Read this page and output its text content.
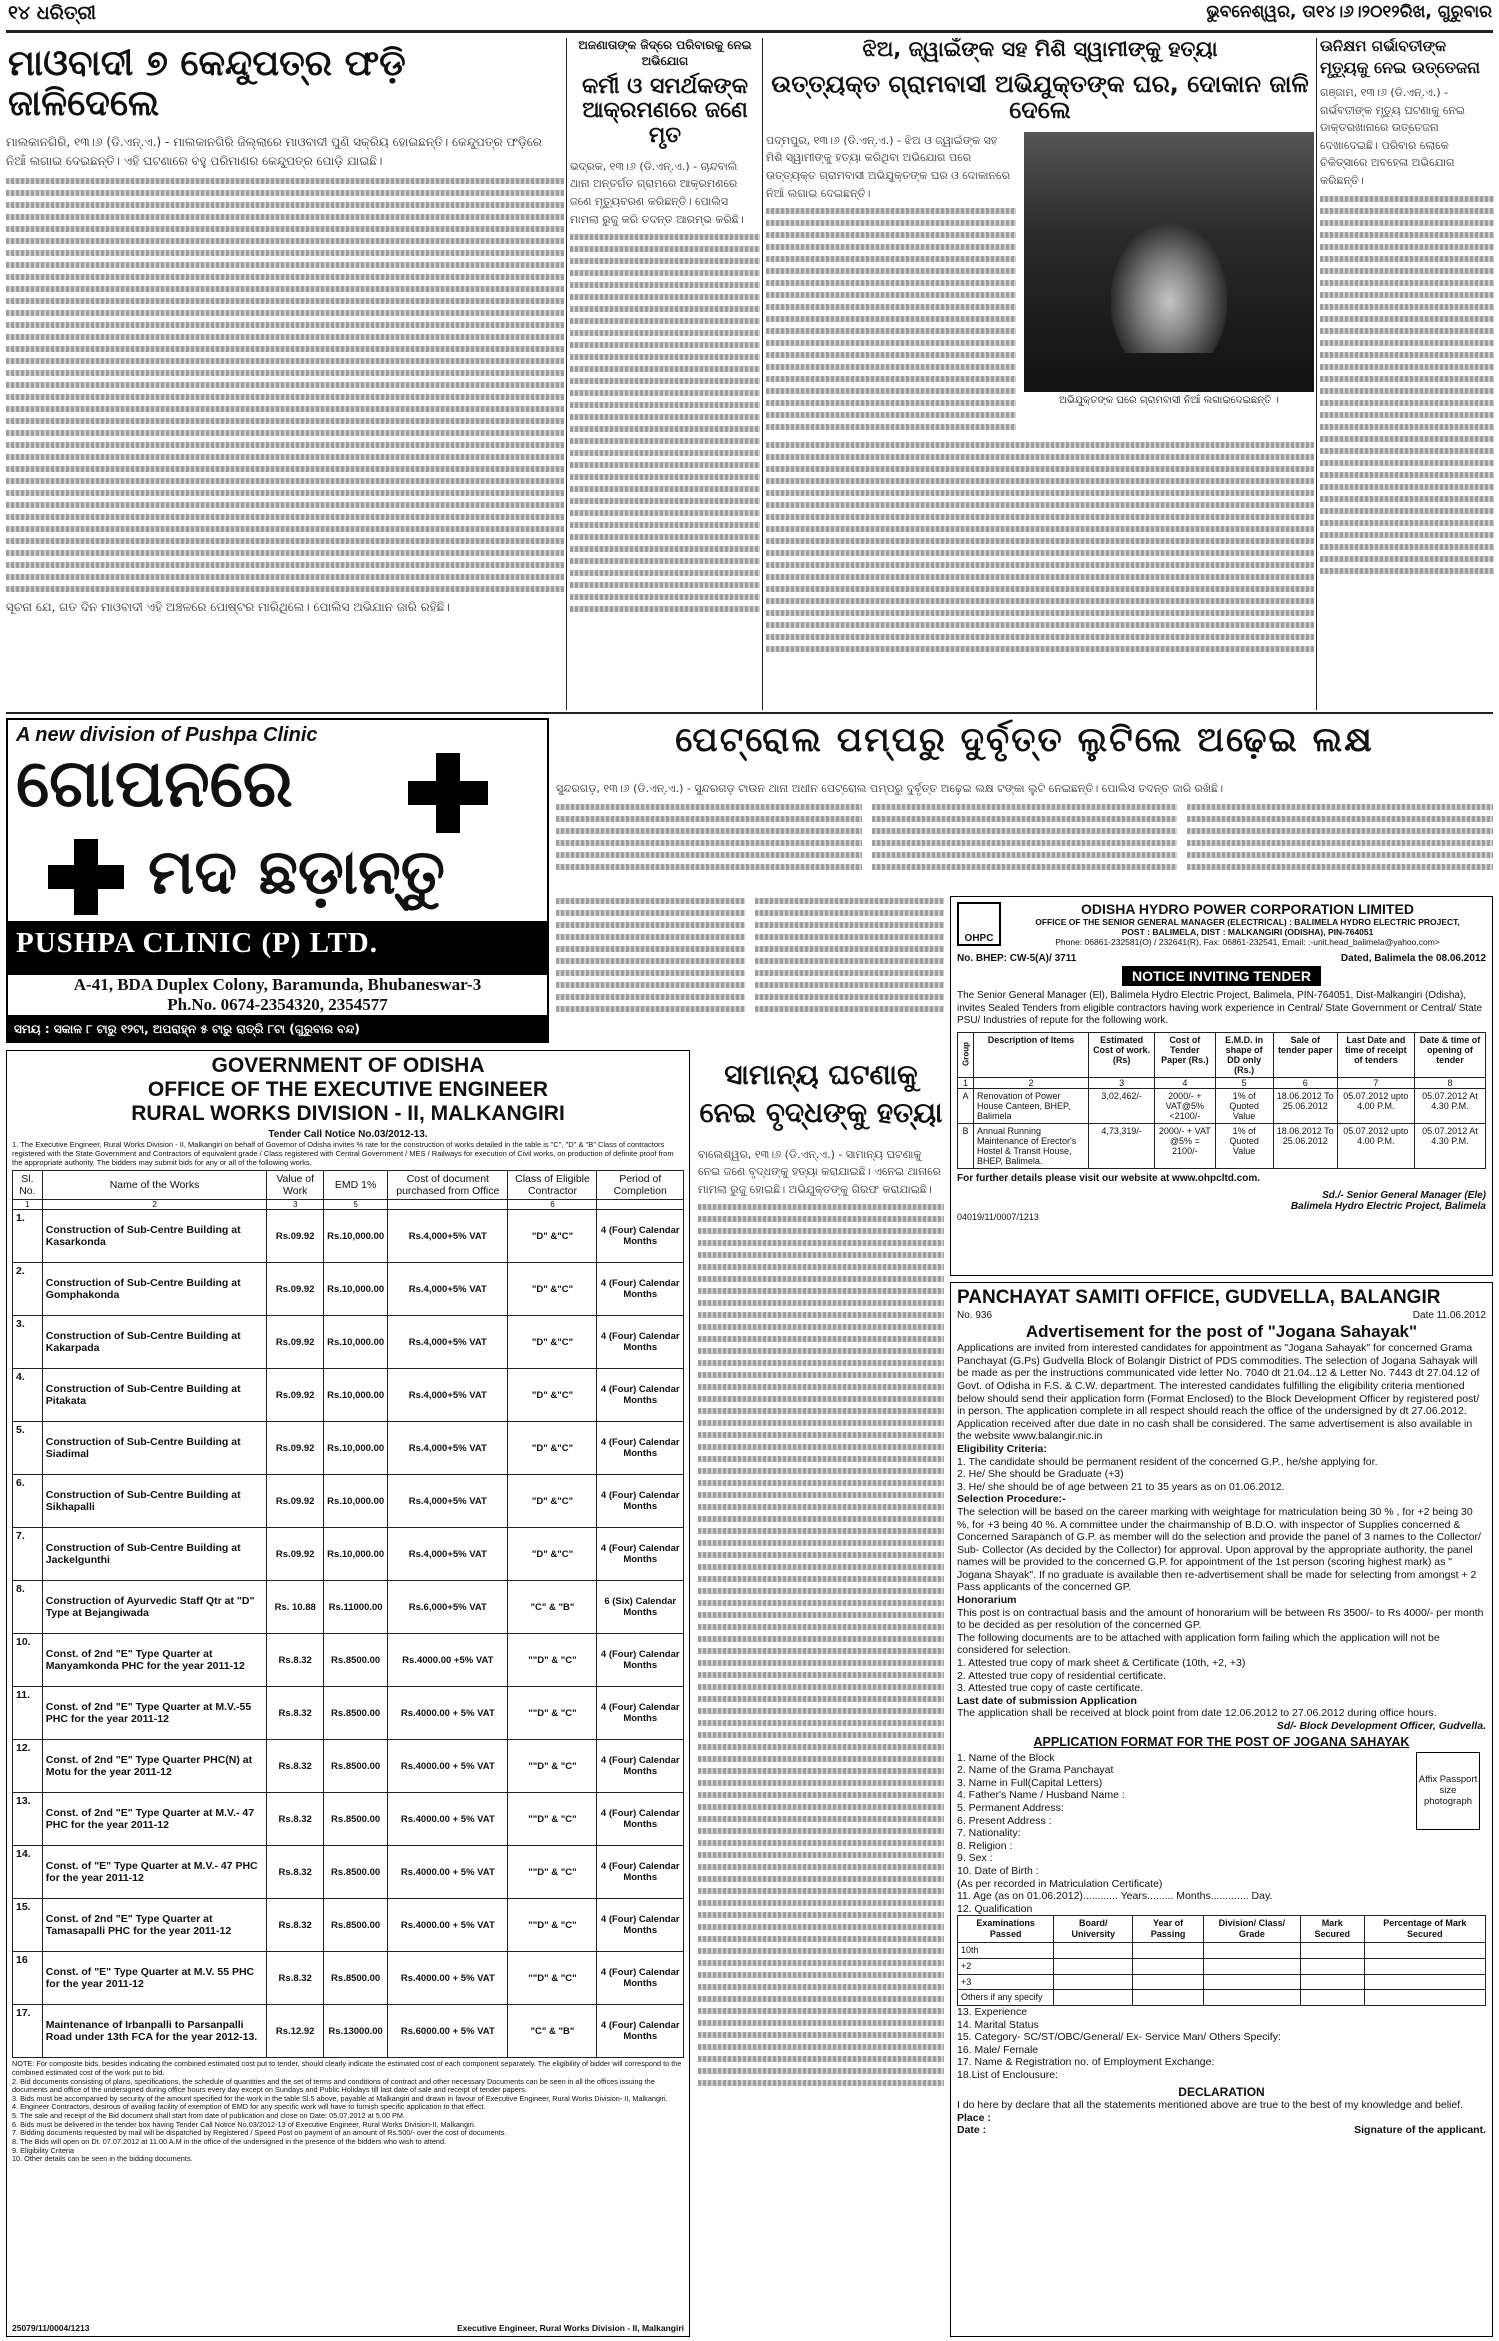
୧୪ ଧରିତ୍ରୀ	ଭୁବନେଶ୍ୱର, ତା୧୪।୬।୨୦୧୨ରିଖ, ଗୁରୁବାର
ମାଓବାଦୀ ୭ କେନ୍ଦୁପତ୍ର ଫଡ଼ି ଜାଳିଦେଲେ
ମାଲକାନଗିରି, ୧୩।୬ (ଡି.ଏନ୍.ଏ.) - ମାଲକାନଗିରି ଜିଲ୍ଲାରେ ମାଓବାଦୀ ପୁଣି ସକ୍ରିୟ ହୋଇଛନ୍ତି। କେନ୍ଦୁପତ୍ର ଫଡ଼ିରେ ନିଆଁ ଲଗାଇ ଦେଇଛନ୍ତି। ଏହି ଘଟଣାରେ ବହୁ ପରିମାଣର କେନ୍ଦୁପତ୍ର ପୋଡ଼ି ଯାଇଛି।
ସୂଚନା ଯେ, ଗତ ଦିନ ମାଓବାଦୀ ଏହି ଅଞ୍ଚଳରେ ପୋଷ୍ଟର ମାରିଥିଲେ। ପୋଲିସ ଅଭିଯାନ ଜାରି ରହିଛି।
ଅଜଣାତାଙ୍କ ଜିଦ୍ରେ ପରିବାରକୁ ନେଇ ଅଭିଯୋଗ
କର୍ମୀ ଓ ସମର୍ଥକଙ୍କ ଆକ୍ରମଣରେ ଜଣେ ମୃତ
ଭଦ୍ରକ, ୧୩।୬ (ଡି.ଏନ୍.ଏ.) - ଚାନ୍ଦବାଲି ଥାନା ଅନ୍ତର୍ଗତ ଗ୍ରାମରେ ଆକ୍ରମଣରେ ଜଣେ ମୃତ୍ୟୁବରଣ କରିଛନ୍ତି। ପୋଲିସ ମାମଲା ରୁଜୁ କରି ତଦନ୍ତ ଆରମ୍ଭ କରିଛି।
ଝିଅ, ଜ୍ୱାଇଁଙ୍କ ସହ ମିଶି ସ୍ୱାମୀଙ୍କୁ ହତ୍ୟା
ଉତ୍ତ୍ୟକ୍ତ ଗ୍ରାମବାସୀ ଅଭିଯୁକ୍ତଙ୍କ ଘର, ଦୋକାନ ଜାଳି ଦେଲେ
ପଦ୍ମପୁର, ୧୩।୬ (ଡି.ଏନ୍.ଏ.) - ଝିଅ ଓ ଜ୍ୱାଇଁଙ୍କ ସହ ମିଶି ସ୍ୱାମୀଙ୍କୁ ହତ୍ୟା କରିଥିବା ଅଭିଯୋଗ ପରେ ଉତ୍ତ୍ୟକ୍ତ ଗ୍ରାମବାସୀ ଅଭିଯୁକ୍ତଙ୍କ ଘର ଓ ଦୋକାନରେ ନିଆଁ ଲଗାଇ ଦେଇଛନ୍ତି।
ଅଭିଯୁକ୍ତଙ୍କ ଘରେ ଗ୍ରାମବାସୀ ନିଆଁ ଲଗାଇଦେଇଛନ୍ତି ।
ଊନିକ୍ଷମ ଗର୍ଭାବତୀଙ୍କ
ମୃତ୍ୟୁକୁ ନେଇ ଉତ୍ତେଜନା
ଗଞ୍ଜାମ, ୧୩।୬ (ଡି.ଏନ୍.ଏ.) - ଗର୍ଭବତୀଙ୍କ ମୃତ୍ୟୁ ଘଟଣାକୁ ନେଇ ଡାକ୍ତରଖାନାରେ ଉତ୍ତେଜନା ଦେଖାଦେଇଛି। ପରିବାର ଲୋକେ ଚିକିତ୍ସାରେ ଅବହେଳା ଅଭିଯୋଗ କରିଛନ୍ତି।
A new division of Pushpa Clinic
ଗୋପନରେ
ମଦ ଛଡ଼ାନ୍ତୁ
PUSHPA CLINIC (P) LTD.
A-41, BDA Duplex Colony, Baramunda, Bhubaneswar-3
Ph.No. 0674-2354320, 2354577
ସମୟ : ସକାଳ ୮ ଟାରୁ ୧୨ଟା, ଅପରାହ୍ନ ୫ ଟାରୁ ରାତ୍ରି ୮ଟା (ଗୁରୁବାର ବନ୍ଦ)
ପେଟ୍ରୋଲ ପମ୍ପରୁ ଦୁର୍ବୃତ୍ତ ଲୁଟିଲେ ଅଢ଼େଇ ଲକ୍ଷ
ସୁନ୍ଦରଗଡ଼, ୧୩।୬ (ଡି.ଏନ୍.ଏ.) - ସୁନ୍ଦରଗଡ଼ ଟାଉନ ଥାନା ଅଧୀନ ପେଟ୍ରୋଲ ପମ୍ପରୁ ଦୁର୍ବୃତ୍ତ ଅଢ଼େଇ ଲକ୍ଷ ଟଙ୍କା ଲୁଟି ନେଇଛନ୍ତି। ପୋଲିସ ତଦନ୍ତ ଜାରି ରଖିଛି।
OHPC
ODISHA HYDRO POWER CORPORATION LIMITED
OFFICE OF THE SENIOR GENERAL MANAGER (ELECTRICAL) : BALIMELA HYDRO ELECTRIC PROJECT,
POST : BALIMELA, DIST : MALKANGIRI (ODISHA), PIN-764051
Phone: 06861-232581(O) / 232641(R), Fax: 06861-232541, Email: :-unit.head_balimela@yahoo.com>
No. BHEP: CW-5(A)/ 3711	Dated, Balimela the 08.06.2012
NOTICE INVITING TENDER
The Senior General Manager (El), Balimela Hydro Electric Project, Balimela, PIN-764051, Dist-Malkangiri (Odisha), invites Sealed Tenders from eligible contractors having work experience in Central/ State Government or Central/ State PSU/ Industries of repute for the following work.
Group	Description of Items	Estimated Cost of work. (Rs)	Cost of Tender Paper (Rs.)	E.M.D. in shape of DD only (Rs.)	Sale of tender paper	Last Date and time of receipt of tenders	Date & time of opening of tender
1	2	3	4	5	6	7	8
A	Renovation of Power House Canteen, BHEP, Balimela	3,02,462/-	2000/- + VAT@5% <2100/-	1% of Quoted Value	18.06.2012 To 25.06.2012	05.07.2012 upto 4.00 P.M.	05.07.2012 At 4.30 P.M.
B	Annual Running Maintenance of Erector's Hostel & Transit House, BHEP, Balimela.	4,73,319/-	2000/- + VAT @5% = 2100/-	1% of Quoted Value	18.06.2012 To 25.06.2012	05.07.2012 upto 4.00 P.M.	05.07.2012 At 4.30 P.M.
For further details please visit our website at www.ohpcltd.com.
Sd./- Senior General Manager (Ele)
Balimela Hydro Electric Project, Balimela
04019/11/0007/1213
GOVERNMENT OF ODISHA
OFFICE OF THE EXECUTIVE ENGINEER
RURAL WORKS DIVISION - II, MALKANGIRI
Tender Call Notice No.03/2012-13.
1. The Executive Engineer, Rural Works Division - II, Malkangiri on behalf of Governor of Odisha invites % rate for the construction of works detailed in the table is "C", "D" & "B" Class of contractors registered with the State Government and Contractors of equivalent grade / Class registered with Central Government / MES / Railways for execution of Civil works, on production of definite proof from the appropriate authority. The bidders may submit bids for any or all of the following works.
Sl. No.	Name of the Works	Value of Work	EMD 1%	Cost of document purchased from Office	Class of Eligible Contractor	Period of Completion
1	2	3	5		6	
1.	Construction of Sub-Centre Building at Kasarkonda	Rs.09.92	Rs.10,000.00	Rs.4,000+5% VAT	"D" &"C"	4 (Four) Calendar Months
2.	Construction of Sub-Centre Building at Gomphakonda	Rs.09.92	Rs.10,000.00	Rs.4,000+5% VAT	"D" &"C"	4 (Four) Calendar Months
3.	Construction of Sub-Centre Building at Kakarpada	Rs.09.92	Rs.10,000.00	Rs.4,000+5% VAT	"D" &"C"	4 (Four) Calendar Months
4.	Construction of Sub-Centre Building at Pitakata	Rs.09.92	Rs.10,000.00	Rs.4,000+5% VAT	"D" &"C"	4 (Four) Calendar Months
5.	Construction of Sub-Centre Building at Siadimal	Rs.09.92	Rs.10,000.00	Rs.4,000+5% VAT	"D" &"C"	4 (Four) Calendar Months
6.	Construction of Sub-Centre Building at Sikhapalli	Rs.09.92	Rs.10,000.00	Rs.4,000+5% VAT	"D" &"C"	4 (Four) Calendar Months
7.	Construction of Sub-Centre Building at Jackelgunthi	Rs.09.92	Rs.10,000.00	Rs.4,000+5% VAT	"D" &"C"	4 (Four) Calendar Months
8.	Construction of Ayurvedic Staff Qtr at "D" Type at Bejangiwada	Rs. 10.88	Rs.11000.00	Rs.6,000+5% VAT	"C" & "B"	6 (Six) Calendar Months
10.	Const. of 2nd "E" Type Quarter at Manyamkonda PHC for the year 2011-12	Rs.8.32	Rs.8500.00	Rs.4000.00 +5% VAT	""D" & "C"	4 (Four) Calendar Months
11.	Const. of 2nd "E" Type Quarter at M.V.-55 PHC for the year 2011-12	Rs.8.32	Rs.8500.00	Rs.4000.00 + 5% VAT	""D" & "C"	4 (Four) Calendar Months
12.	Const. of 2nd "E" Type Quarter PHC(N) at Motu for the year 2011-12	Rs.8.32	Rs.8500.00	Rs.4000.00 + 5% VAT	""D" & "C"	4 (Four) Calendar Months
13.	Const. of 2nd "E" Type Quarter at M.V.- 47 PHC for the year 2011-12	Rs.8.32	Rs.8500.00	Rs.4000.00 + 5% VAT	""D" & "C"	4 (Four) Calendar Months
14.	Const. of "E" Type Quarter at M.V.- 47 PHC for the year 2011-12	Rs.8.32	Rs.8500.00	Rs.4000.00 + 5% VAT	""D" & "C"	4 (Four) Calendar Months
15.	Const. of 2nd "E" Type Quarter at Tamasapalli PHC for the year 2011-12	Rs.8.32	Rs.8500.00	Rs.4000.00 + 5% VAT	""D" & "C"	4 (Four) Calendar Months
16	Const. of "E" Type Quarter at M.V. 55 PHC for the year 2011-12	Rs.8.32	Rs.8500.00	Rs.4000.00 + 5% VAT	""D" & "C"	4 (Four) Calendar Months
17.	Maintenance of Irbanpalli to Parsanpalli Road under 13th FCA for the year 2012-13.	Rs.12.92	Rs.13000.00	Rs.6000.00 + 5% VAT	"C" & "B"	4 (Four) Calendar Months
NOTE: For composite bids, besides indicating the combined estimated cost put to tender, should clearly indicate the estimated cost of each component separately. The eligibility of bidder will correspond to the combined estimated cost of the work put to bid.
2. Bid documents consisting of plans, specifications, the schedule of quantities and the set of terms and conditions of contract and other necessary Documents can be seen in all the offices issuing the documents and office of the undersigned during office hours every day except on Sundays and Public Holidays till last date of sale and receipt of tender papers.
3. Bids must be accompanied by security of the amount specified for the work in the table Sl.5 above, payable at Malkangiri and drawn in favour of Executive Engineer, Rural Works Division- II, Malkangiri.
4. Engineer Contractors, desirous of availing facility of exemption of EMD for any specific work will have to furnish specific application to that effect.
5. The sale and receipt of the Bid document shall start from date of publication and close on Date: 05.07.2012 at 5.00 PM.
6. Bids must be delivered in the tender box having Tender Call Notice No.03/2012-13 of Executive Engineer, Rural Works Division-II, Malkangiri.
7. Bidding documents requested by mail will be dispatched by Registered / Speed Post on payment of an amount of Rs.500/- over the cost of documents.
8. The Bids will open on Dt. 07.07.2012 at 11.00 A.M in the office of the undersigned in the presence of the bidders who wish to attend.
9. Eligibility Criteria
10. Other details can be seen in the bidding documents.
25079/11/0004/1213	Executive Engineer, Rural Works Division - II, Malkangiri
ସାମାନ୍ୟ ଘଟଣାକୁ ନେଇ ବୃଦ୍ଧଙ୍କୁ ହତ୍ୟା
ବାଲେଶ୍ୱର, ୧୩।୬ (ଡି.ଏନ୍.ଏ.) - ସାମାନ୍ୟ ଘଟଣାକୁ ନେଇ ଜଣେ ବୃଦ୍ଧଙ୍କୁ ହତ୍ୟା କରାଯାଇଛି। ଏନେଇ ଥାନାରେ ମାମଲା ରୁଜୁ ହୋଇଛି। ଅଭିଯୁକ୍ତଙ୍କୁ ଗିରଫ କରାଯାଇଛି।
PANCHAYAT SAMITI OFFICE, GUDVELLA, BALANGIR
No. 936	Date 11.06.2012
Advertisement for the post of "Jogana Sahayak"

Applications are invited from interested candidates for appointment as "Jogana Sahayak" for concerned Grama Panchayat (G.Ps) Gudvella Block of Bolangir District of PDS commodities. The selection of Jogana Sahayak will be made as per the instructions communicated vide letter No. 7040 dt 21.04..12 & Letter No. 7443 dt 27.04.12 of Govt. of Odisha in F.S. & C.W. department. The interested candidates fulfilling the eligibility criteria mentioned below should send their application form (Format Enclosed) to the Block Development Officer by registered post/ in person. The application complete in all respect should reach the office of the undersigned by dt 27.06.2012. Application received after due date in no cash shall be considered. The same advertisement is also available in the website www.balangir.nic.in

Eligibility Criteria:

1. The candidate should be permanent resident of the concerned G.P., he/she applying for.
2. He/ She should be Graduate (+3)
3. He/ she should be of age between 21 to 35 years as on 01.06.2012.

Selection Procedure:-

The selection will be based on the career marking with weightage for matriculation being 30 % , for +2 being 30 %, for +3 being 40 %. A committee under the chairmanship of B.D.O. with inspector of Supplies concerned & Concerned Sarapanch of G.P. as member will do the selection and provide the panel of 3 names to the Collector/ Sub- Collector (As decided by the Collector) for approval. Upon approval by the appropriate authority, the panel names will be provided to the concerned G.P. for appointment of the 1st person (scoring highest mark) as " Jogana Shayak". If no graduate is available then re-advertisement shall be made for selecting from amongst + 2 Pass applicants of the concerned GP.

Honorarium

This post is on contractual basis and the amount of honorarium will be between Rs 3500/- to Rs 4000/- per month to be decided as per resolution of the concerned GP.

The following documents are to be attached with application form failing which the application will not be considered for selection.

1. Attested true copy of mark sheet & Certificate (10th, +2, +3)
2. Attested true copy of residential certificate.
3. Attested true copy of caste certificate.

Last date of submission Application

The application shall be received at block point from date 12.06.2012 to 27.06.2012 during office hours.

Sd/- Block Development Officer, Gudvella.

APPLICATION FORMAT FOR THE POST OF JOGANA SAHAYAK
Affix Passport size photograph
1. Name of the Block
2. Name of the Grama Panchayat
3. Name in Full(Capital Letters)
4. Father's Name / Husband Name :
5. Permanent Address:
6. Present Address :
7. Nationality:
8. Religion :
9. Sex :
10. Date of Birth :
(As per recorded in Matriculation Certificate)
11. Age (as on 01.06.2012)............ Years......... Months............. Day.
12. Qualification
Examinations Passed	Board/ University	Year of Passing	Division/ Class/ Grade	Mark Secured	Percentage of Mark Secured
10th					
+2					
+3					
Others if any specify					
13. Experience
14. Marital Status
15. Category- SC/ST/OBC/General/ Ex- Service Man/ Others Specify:
16. Male/ Female
17. Name & Registration no. of Employment Exchange:
18.List of Enclousure:
DECLARATION

I do here by declare that all the statements mentioned above are true to the best of my knowledge and belief.

Place :

Date :	Signature of the applicant.
